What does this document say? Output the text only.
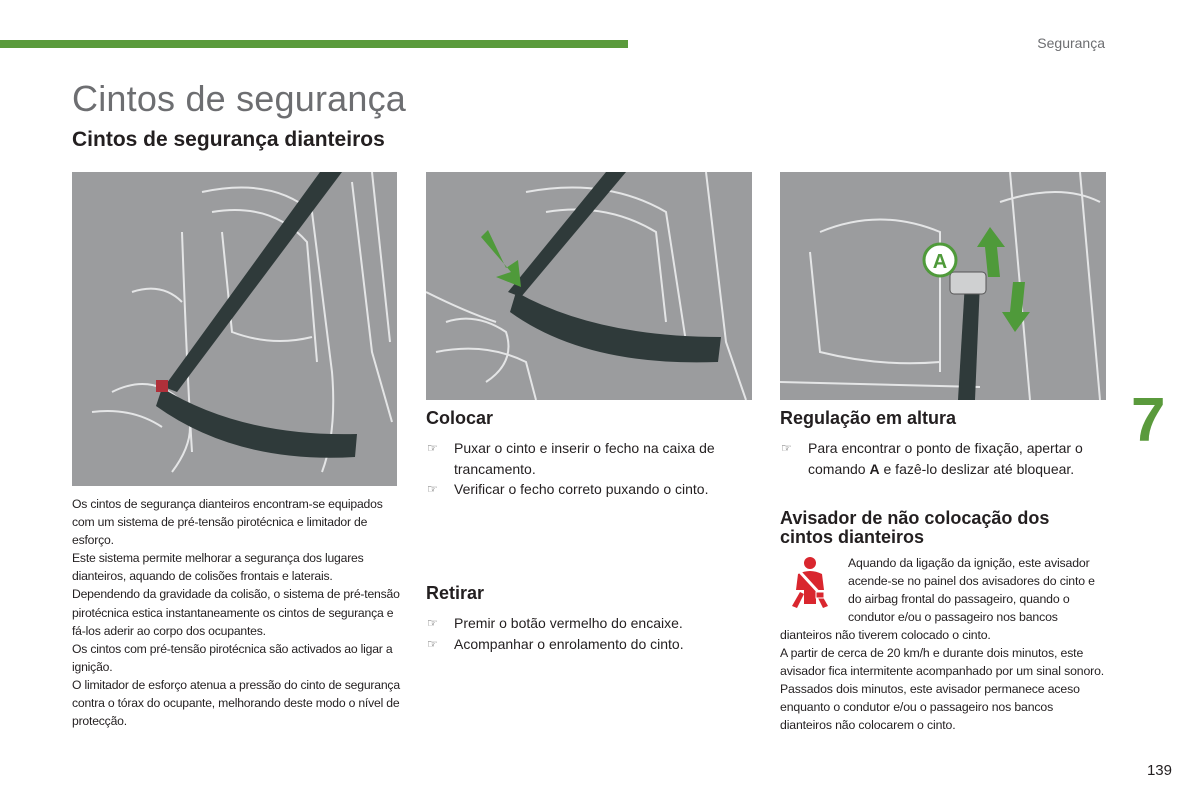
Segurança
Cintos de segurança
Cintos de segurança dianteiros
A

Os cintos de segurança dianteiros encontram-se equipados com um sistema de pré-tensão pirotécnica e limitador de esforço.

Este sistema permite melhorar a segurança dos lugares dianteiros, aquando de colisões frontais e laterais. Dependendo da gravidade da colisão, o sistema de pré-tensão pirotécnica estica instantaneamente os cintos de segurança e fá-los aderir ao corpo dos ocupantes.

Os cintos com pré-tensão pirotécnica são activados ao ligar a ignição.

O limitador de esforço atenua a pressão do cinto de segurança contra o tórax do ocupante, melhorando deste modo o nível de protecção.

Colocar
☞ Puxar o cinto e inserir o fecho na caixa de trancamento.
☞ Verificar o fecho correto puxando o cinto.
Retirar
☞ Premir o botão vermelho do encaixe.
☞ Acompanhar o enrolamento do cinto.
Regulação em altura
☞ Para encontrar o ponto de fixação, apertar o comando A e fazê-lo deslizar até bloquear.
Avisador de não colocação dos cintos dianteiros
Aquando da ligação da ignição, este avisador acende-se no painel dos avisadores do cinto e do airbag frontal do passageiro, quando o condutor e/ou o passageiro nos bancos dianteiros não tiverem colocado o cinto.
A partir de cerca de 20 km/h e durante dois minutos, este avisador fica intermitente acompanhado por um sinal sonoro. Passados dois minutos, este avisador permanece aceso enquanto o condutor e/ou o passageiro nos bancos dianteiros não colocarem o cinto.
7
139
